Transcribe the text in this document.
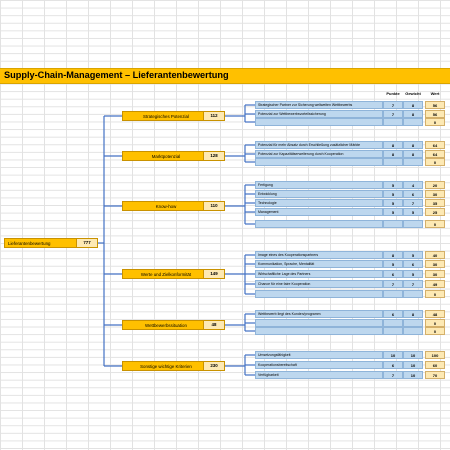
Supply-Chain-Management – Lieferantenbewertung
Punkte	Gewicht	Wert
Lieferantenbewertung	777
Strategisches Potenzial	112
Marktpotenzial	128
Know-how	110
Werte und Zielkonformität	149
Wettbewerbssituation	48
Sonstige wichtige Kriterien	230
Strategischer Partner zur Sicherung weltweiten Wettbewerbs	7	8	56
Potenzial zur Wettbewerbsvorteilssicherung	7	8	56
0
Potenzial für mehr Absatz durch Erschließung zusätzlicher Märkte	8	8	64
Potenzial zur Kapazitätserweiterung durch Kooperation	8	8	64
0
Fertigung	5	4	20
Entwicklung	5	6	30
Technologie	5	7	35
Management	5	5	25
0
Image eines des Kooperationspartners	8	5	40
Kommunikation, Sprache, Mentalität	5	6	30
Wirtschaftliche Lage des Partners	6	5	30
Chance für eine faire Kooperation	7	7	49
0
Wettbewerb liegt des Kunden/programm	6	8	48
0
0
Umsetzungsfähigkeit	10	10	100
Kooperationsbereitschaft	6	10	60
Verfügbarkeit	7	10	70
